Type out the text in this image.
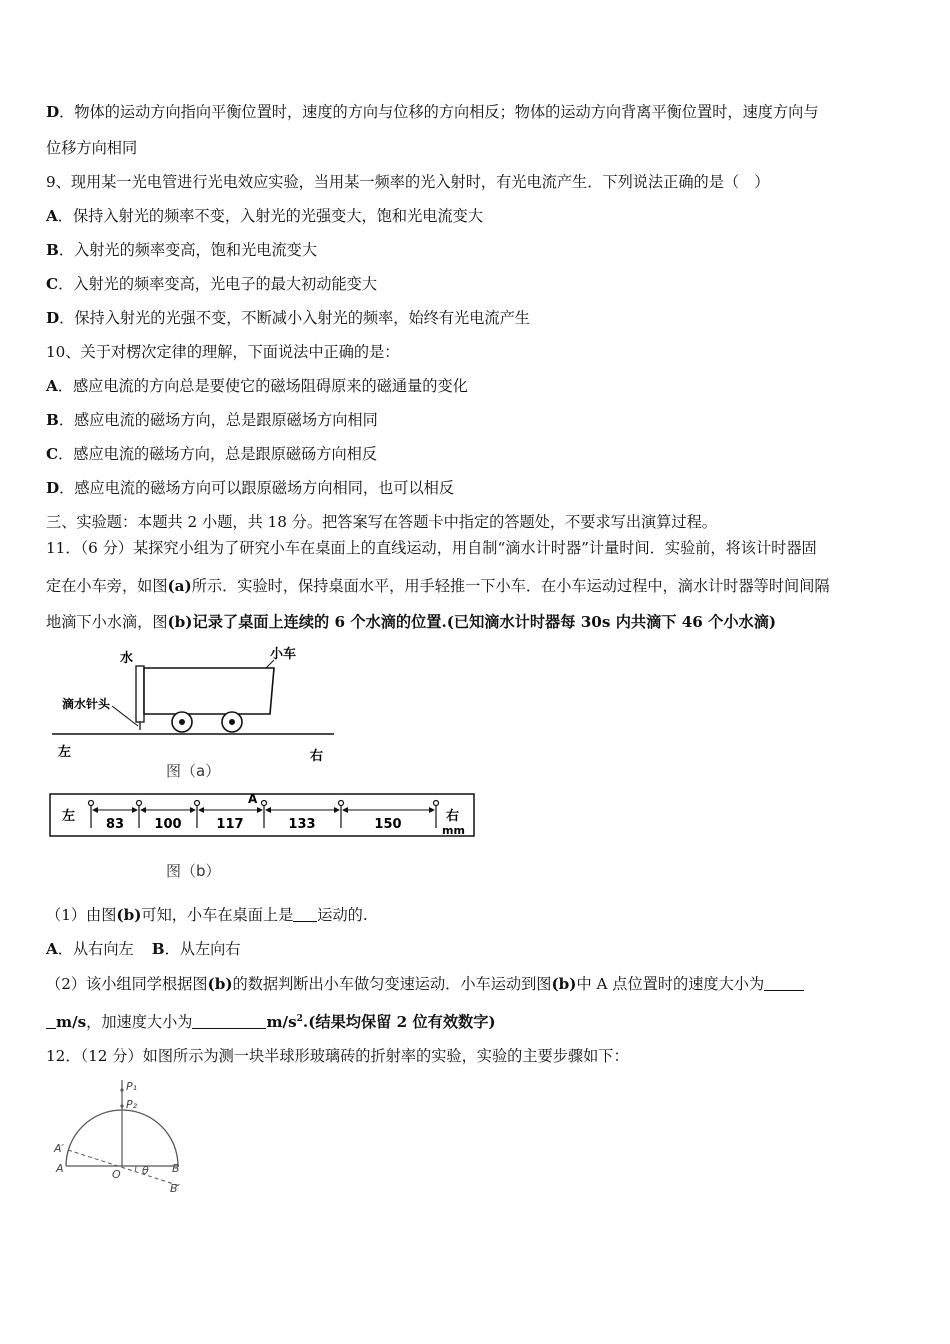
D．物体的运动方向指向平衡位置时，速度的方向与位移的方向相反；物体的运动方向背离平衡位置时，速度方向与
位移方向相同
9、现用某一光电管进行光电效应实验，当用某一频率的光入射时，有光电流产生．下列说法正确的是（　）
A．保持入射光的频率不变，入射光的光强变大，饱和光电流变大
B．入射光的频率变高，饱和光电流变大
C．入射光的频率变高，光电子的最大初动能变大
D．保持入射光的光强不变，不断减小入射光的频率，始终有光电流产生
10、关于对楞次定律的理解，下面说法中正确的是：
A．感应电流的方向总是要使它的磁场阻碍原来的磁通量的变化
B．感应电流的磁场方向，总是跟原磁场方向相同
C．感应电流的磁场方向，总是跟原磁砀方向相反
D．感应电流的磁场方向可以跟原磁场方向相同，也可以相反
三、实验题：本题共 2 小题，共 18 分。把答案写在答题卡中指定的答题处，不要求写出演算过程。
11．（6 分）某探究小组为了研究小车在桌面上的直线运动，用自制“滴水计时器”计量时间．实验前，将该计时器固
定在小车旁，如图(a)所示．实验时，保持桌面水平，用手轻推一下小车．在小车运动过程中，滴水计时器等时间间隔
地滴下小水滴，图(b)记录了桌面上连续的 6 个水滴的位置.(已知滴水计时器每 30s 内共滴下 46 个小水滴)
水	小车
滴水针头
左	右
图（a）
左	右
mm
A
83 100	117	133	150
图（b）
（1）由图(b)可知，小车在桌面上是 运动的.
A．从右向左 B．从左向右
（2）该小组同学根据图(b)的数据判断出小车做匀变速运动．小车运动到图(b)中 A 点位置时的速度大小为
m/s，加速度大小为	$m/s^2$.(结果均保留 2 位有效数字)
12．（12 分）如图所示为测一块半球形玻璃砖的折射率的实验，实验的主要步骤如下：
P₁
P₂
A′
A	O θ B
B′
